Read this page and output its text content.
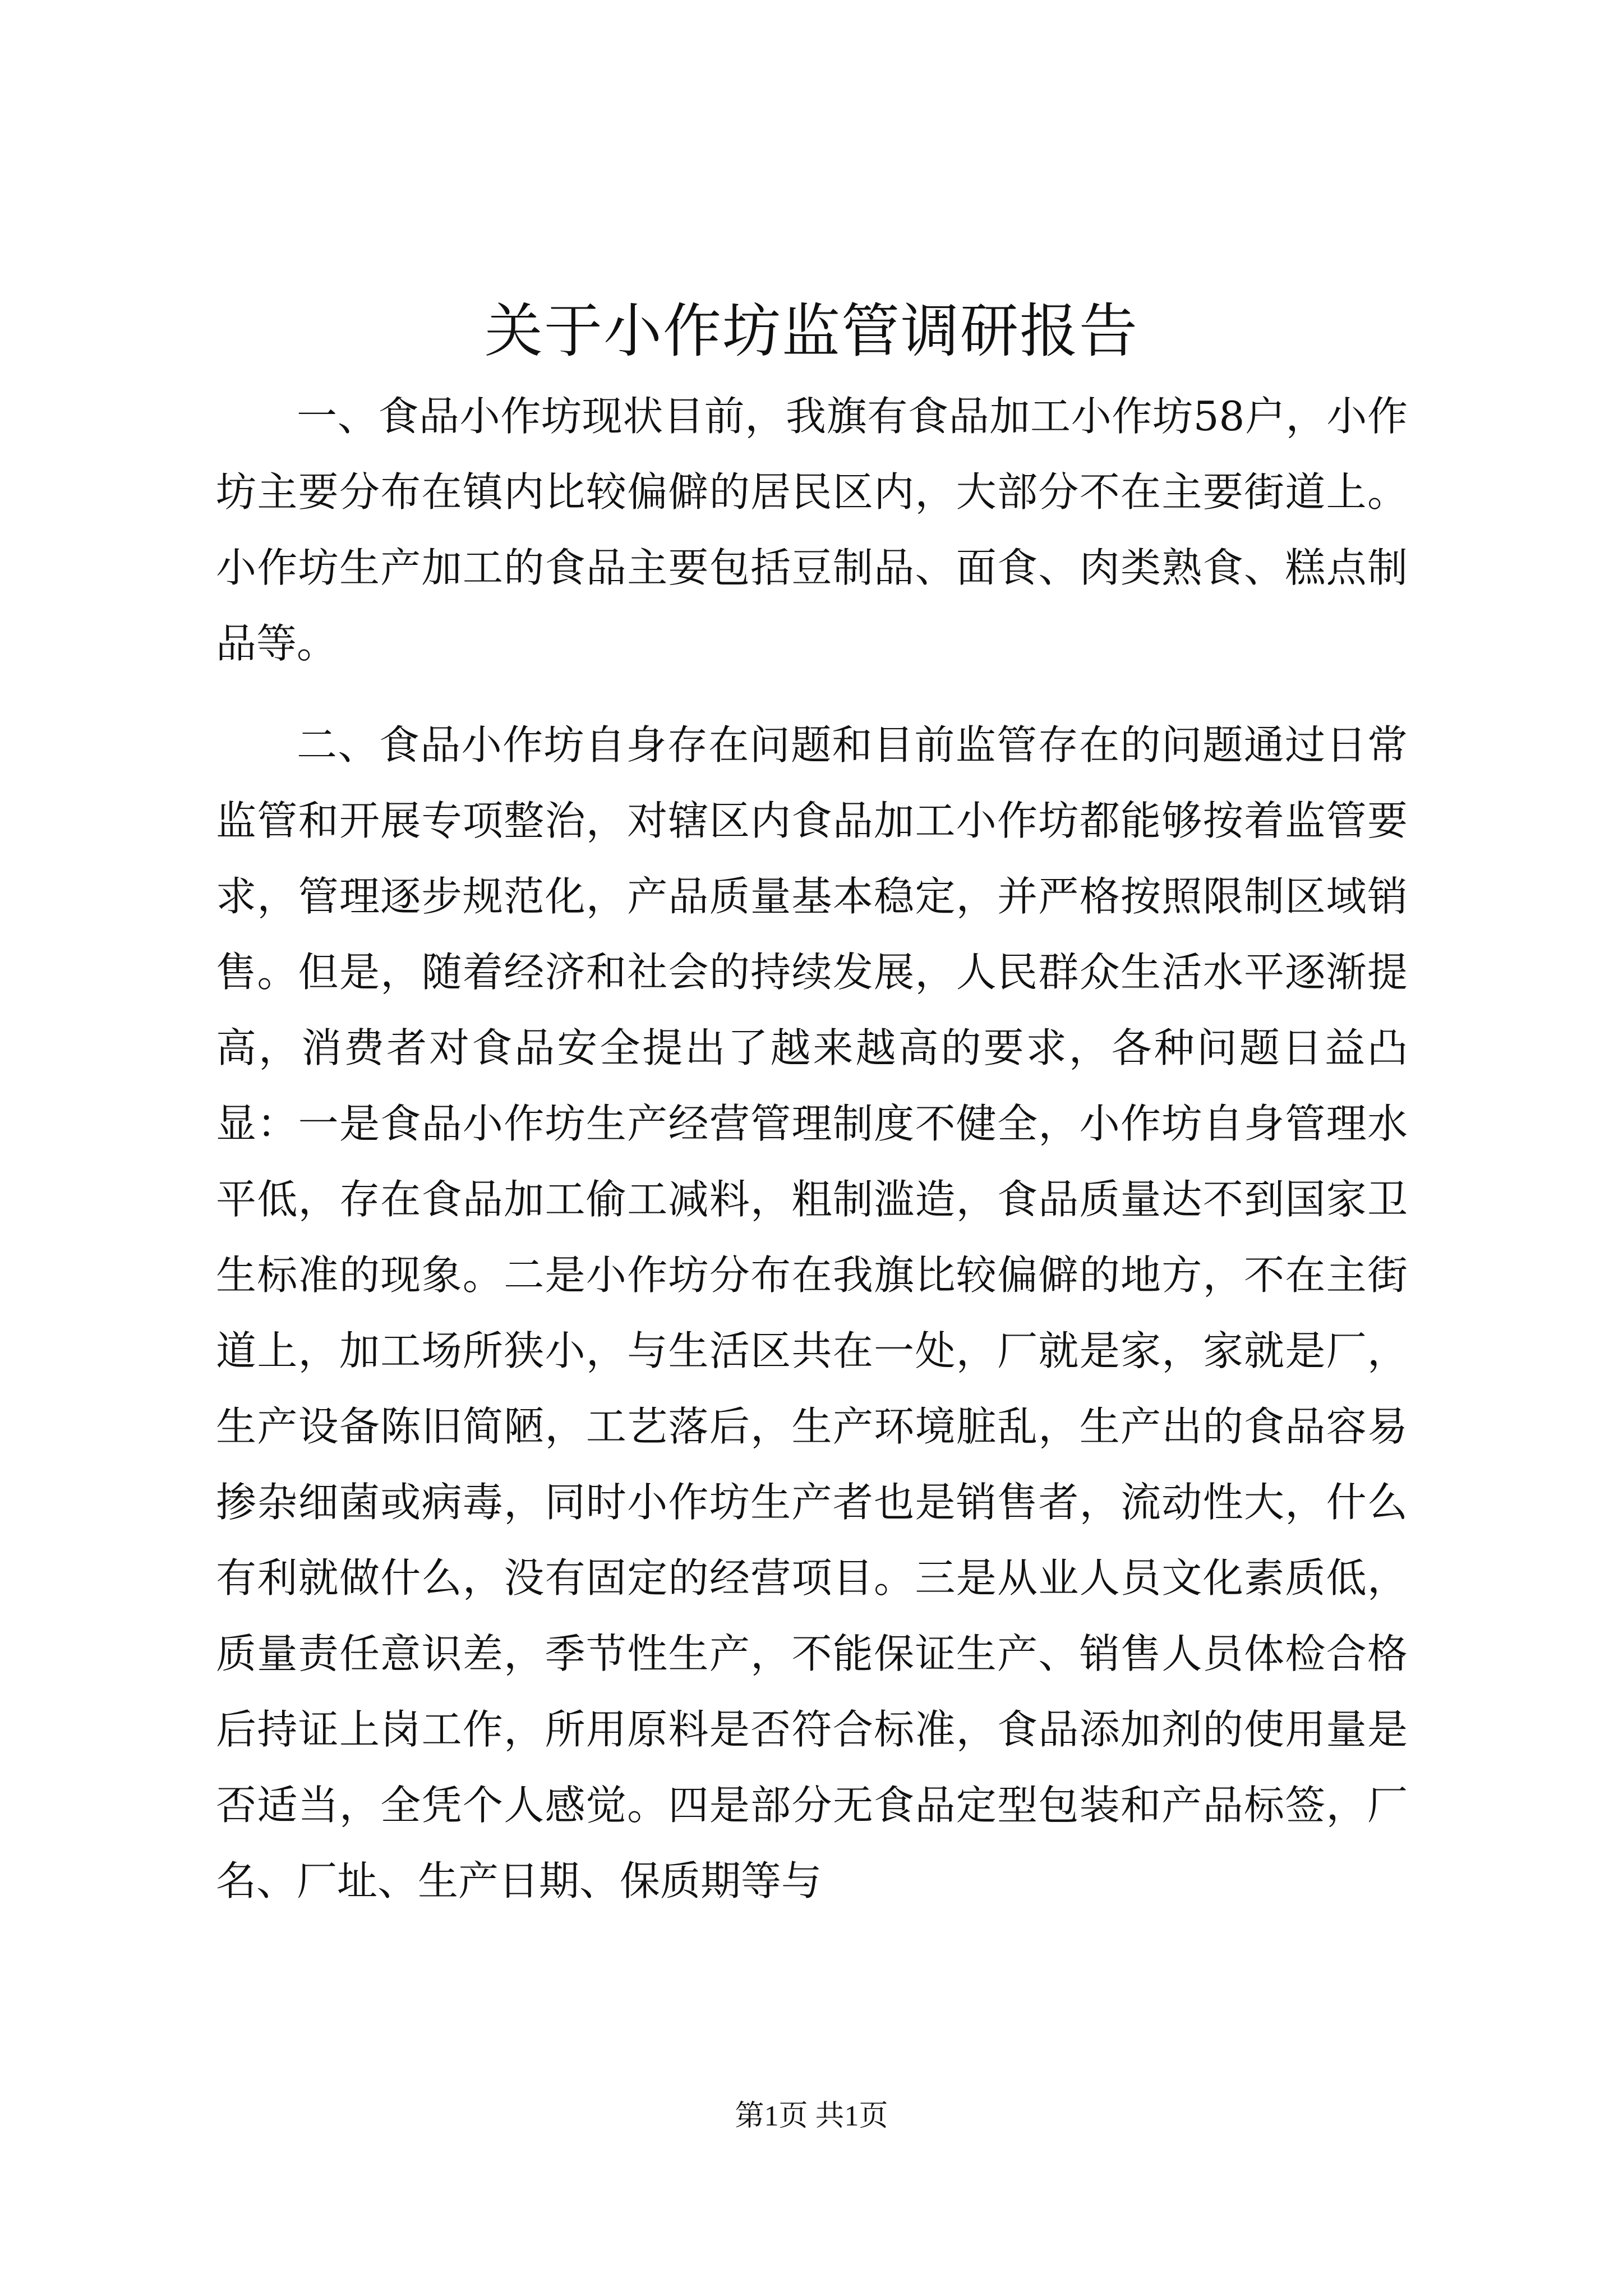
关于小作坊监管调研报告

一、食品小作坊现状目前，我旗有食品加工小作坊58户，小作坊主要分布在镇内比较偏僻的居民区内，大部分不在主要街道上。小作坊生产加工的食品主要包括豆制品、面食、肉类熟食、糕点制品等。

二、食品小作坊自身存在问题和目前监管存在的问题通过日常监管和开展专项整治，对辖区内食品加工小作坊都能够按着监管要求，管理逐步规范化，产品质量基本稳定，并严格按照限制区域销售。但是，随着经济和社会的持续发展，人民群众生活水平逐渐提高，消费者对食品安全提出了越来越高的要求，各种问题日益凸显：一是食品小作坊生产经营管理制度不健全，小作坊自身管理水平低，存在食品加工偷工减料，粗制滥造，食品质量达不到国家卫生标准的现象。二是小作坊分布在我旗比较偏僻的地方，不在主街道上，加工场所狭小，与生活区共在一处，厂就是家，家就是厂，生产设备陈旧简陋，工艺落后，生产环境脏乱，生产出的食品容易掺杂细菌或病毒，同时小作坊生产者也是销售者，流动性大，什么有利就做什么，没有固定的经营项目。三是从业人员文化素质低，质量责任意识差，季节性生产，不能保证生产、销售人员体检合格后持证上岗工作，所用原料是否符合标准，食品添加剂的使用量是否适当，全凭个人感觉。四是部分无食品定型包装和产品标签，厂名、厂址、生产日期、保质期等与

第1页 共1页
